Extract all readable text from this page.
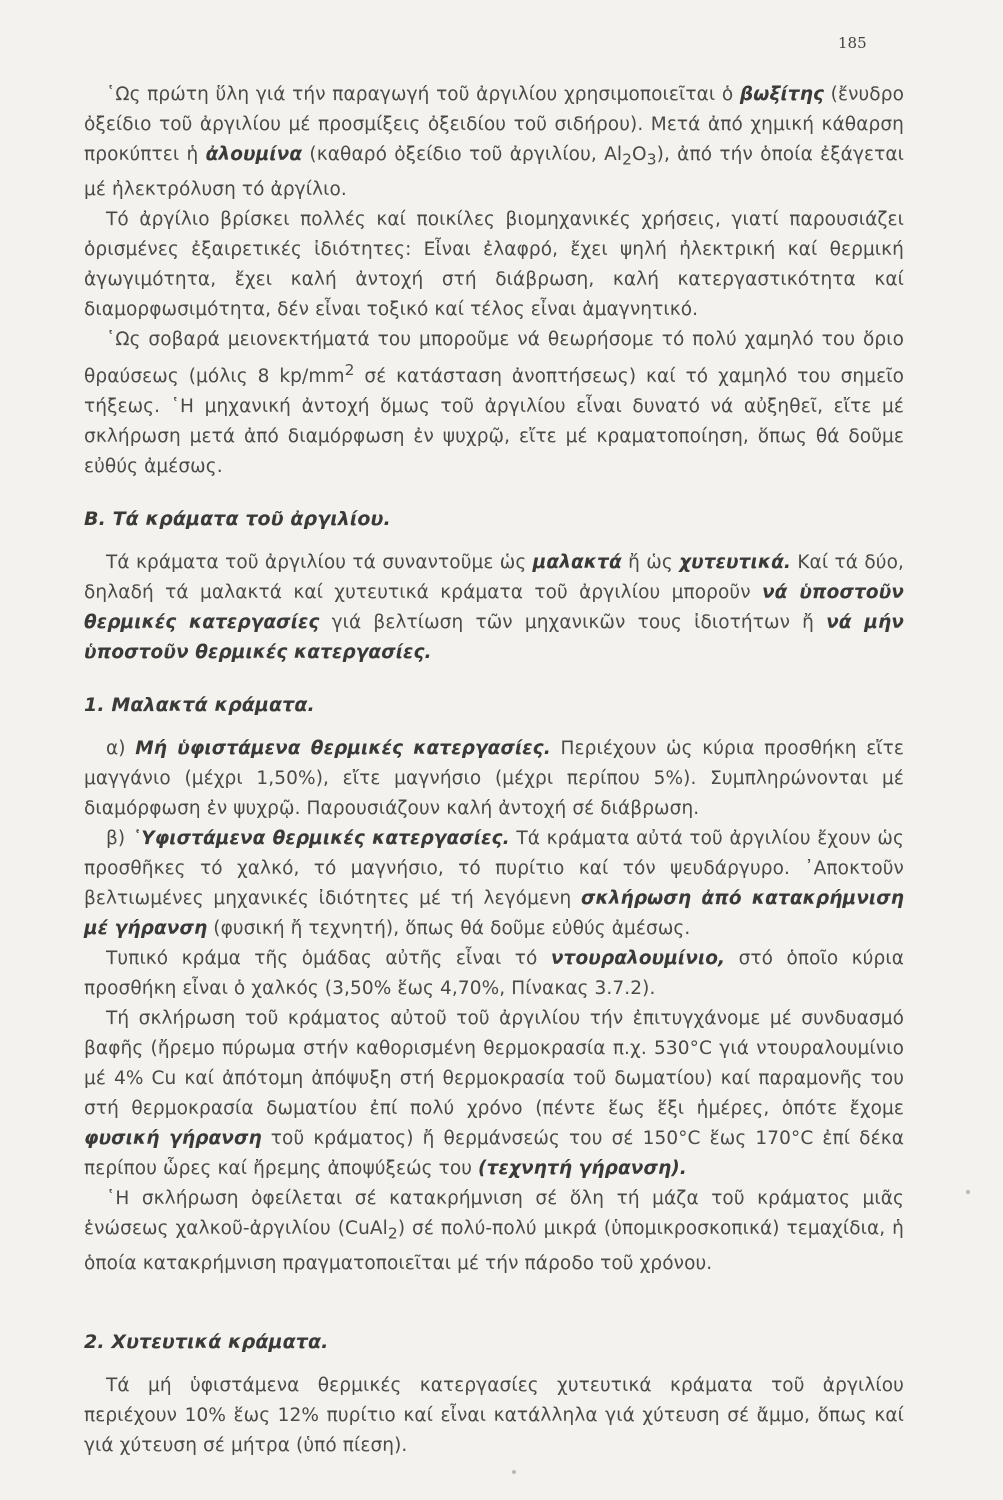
185

῾Ως πρώτη ὕλη γιά τήν παραγωγή τοῦ ἀργιλίου χρησιμοποιεῖται ὁ βωξίτης (ἔνυδρο ὀξείδιο τοῦ ἀργιλίου μέ προσμίξεις ὀξειδίου τοῦ σιδήρου). Μετά ἀπό χημική κάθαρση προκύπτει ἡ ἀλουμίνα (καθαρό ὀξείδιο τοῦ ἀργιλίου, $Al_2O_3$), ἀπό τήν ὁποία ἐξάγεται μέ ἠλεκτρόλυση τό ἀργίλιο.

Τό ἀργίλιο βρίσκει πολλές καί ποικίλες βιομηχανικές χρήσεις, γιατί παρουσιάζει ὁρισμένες ἐξαιρετικές ἰδιότητες: Εἶναι ἐλαφρό, ἔχει ψηλή ἠλεκτρική καί θερμική ἀγωγιμότητα, ἔχει καλή ἀντοχή στή διάβρωση, καλή κατεργαστικότητα καί διαμορφωσιμότητα, δέν εἶναι τοξικό καί τέλος εἶναι ἀμαγνητικό.

῾Ως σοβαρά μειονεκτήματά του μποροῦμε νά θεωρήσομε τό πολύ χαμηλό του ὅριο θραύσεως (μόλις 8 $kp/mm^2$ σέ κατάσταση ἀνοπτήσεως) καί τό χαμηλό του σημεῖο τήξεως. ῾Η μηχανική ἀντοχή ὅμως τοῦ ἀργιλίου εἶναι δυνατό νά αὐξηθεῖ, εἴτε μέ σκλήρωση μετά ἀπό διαμόρφωση ἐν ψυχρῷ, εἴτε μέ κραματοποίηση, ὅπως θά δοῦμε εὐθύς ἀμέσως.

Β. Τά κράματα τοῦ ἀργιλίου.

Τά κράματα τοῦ ἀργιλίου τά συναντοῦμε ὡς μαλακτά ἤ ὡς χυτευτικά. Καί τά δύο, δηλαδή τά μαλακτά καί χυτευτικά κράματα τοῦ ἀργιλίου μποροῦν νά ὑποστοῦν θερμικές κατεργασίες γιά βελτίωση τῶν μηχανικῶν τους ἰδιοτήτων ἤ νά μήν ὑποστοῦν θερμικές κατεργασίες.

1. Μαλακτά κράματα.

α) Μή ὑφιστάμενα θερμικές κατεργασίες. Περιέχουν ὡς κύρια προσθήκη εἴτε μαγγάνιο (μέχρι 1,50%), εἴτε μαγνήσιο (μέχρι περίπου 5%). Συμπληρώνονται μέ διαμόρφωση ἐν ψυχρῷ. Παρουσιάζουν καλή ἀντοχή σέ διάβρωση.

β) ῾Υφιστάμενα θερμικές κατεργασίες. Τά κράματα αὐτά τοῦ ἀργιλίου ἔχουν ὡς προσθῆκες τό χαλκό, τό μαγνήσιο, τό πυρίτιο καί τόν ψευδάργυρο. ᾿Αποκτοῦν βελτιωμένες μηχανικές ἰδιότητες μέ τή λεγόμενη σκλήρωση ἀπό κατακρήμνιση μέ γήρανση (φυσική ἤ τεχνητή), ὅπως θά δοῦμε εὐθύς ἀμέσως.

Τυπικό κράμα τῆς ὁμάδας αὐτῆς εἶναι τό ντουραλουμίνιο, στό ὁποῖο κύρια προσθήκη εἶναι ὁ χαλκός (3,50% ἕως 4,70%, Πίνακας 3.7.2).

Τή σκλήρωση τοῦ κράματος αὐτοῦ τοῦ ἀργιλίου τήν ἐπιτυγχάνομε μέ συνδυασμό βαφῆς (ἤρεμο πύρωμα στήν καθορισμένη θερμοκρασία π.χ. 530°C γιά ντουραλουμίνιο μέ 4% Cu καί ἀπότομη ἀπόψυξη στή θερμοκρασία τοῦ δωματίου) καί παραμονῆς του στή θερμοκρασία δωματίου ἐπί πολύ χρόνο (πέντε ἕως ἕξι ἡμέρες, ὁπότε ἔχομε φυσική γήρανση τοῦ κράματος) ἤ θερμάνσεώς του σέ 150°C ἕως 170°C ἐπί δέκα περίπου ὧρες καί ἤρεμης ἀποψύξεώς του (τεχνητή γήρανση).

῾Η σκλήρωση ὀφείλεται σέ κατακρήμνιση σέ ὅλη τή μάζα τοῦ κράματος μιᾶς ἑνώσεως χαλκοῦ-ἀργιλίου (CuAl$_2$) σέ πολύ-πολύ μικρά (ὑπομικροσκοπικά) τεμαχίδια, ἡ ὁποία κατακρήμνιση πραγματοποιεῖται μέ τήν πάροδο τοῦ χρόνου.

2. Χυτευτικά κράματα.

Τά μή ὑφιστάμενα θερμικές κατεργασίες χυτευτικά κράματα τοῦ ἀργιλίου περιέχουν 10% ἕως 12% πυρίτιο καί εἶναι κατάλληλα γιά χύτευση σέ ἄμμο, ὅπως καί γιά χύτευση σέ μήτρα (ὑπό πίεση).
